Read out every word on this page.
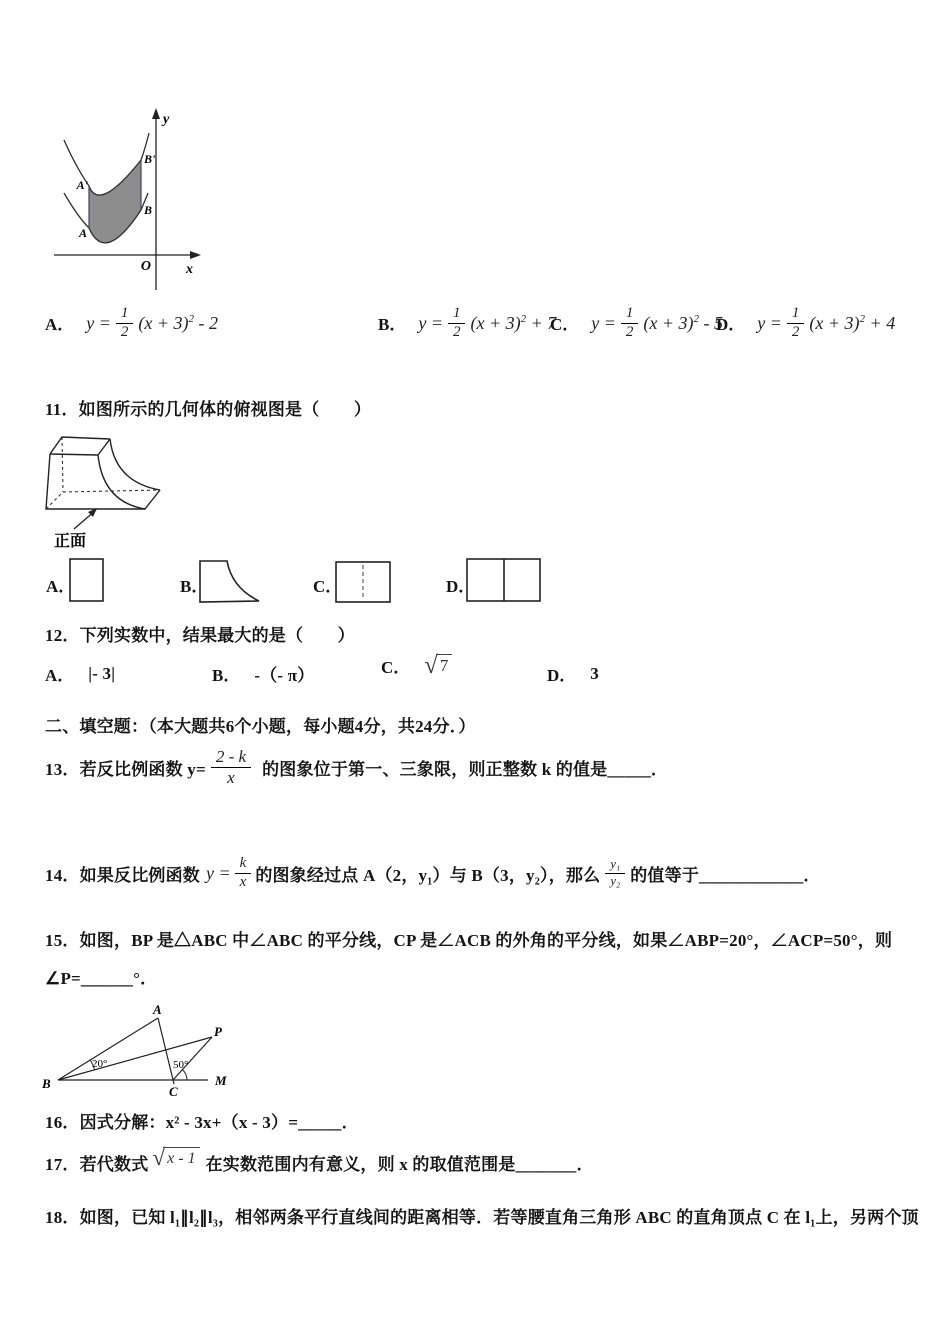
y
x
O
A'
B'
A
B
A． $y = \frac{1}{2} (x + 3)^2 - 2$	B． $y = \frac{1}{2} (x + 3)^2 + 7$
C． $y = \frac{1}{2} (x + 3)^2 - 5$
D． $y = \frac{1}{2} (x + 3)^2 + 4$
11．如图所示的几何体的俯视图是（　　）
正面
A．	B．	C．	D．
12．下列实数中，结果最大的是（　　）
A． |- 3|	B． -（- π）	C． √ 7
D． 3
二、填空题：（本大题共6个小题，每小题4分，共24分．）
13．若反比例函数 $y= \frac{2 - k}{x}$ 的图象位于第一、三象限，则正整数 k 的值是_____．
14．如果反比例函数 $y = \frac{k}{x}$ 的图象经过点 A（2，y₁）与 B（3，y₂），那么 $\frac{\text{y₁}}{\text{y₂}}$ 的值等于____________．
15．如图，BP 是△ABC 中∠ABC 的平分线，CP 是∠ACB 的外角的平分线，如果∠ABP=20°，∠ACP=50°，则
∠P=______°．
A
P
B
C
M
20°	50°
16．因式分解：x² - 3x+（x - 3）=_____．
17．若代数式 √ x - 1 在实数范围内有意义，则 x 的取值范围是_______．
18．如图，已知 l₁∥l₂∥l₃，相邻两条平行直线间的距离相等．若等腰直角三角形 ABC 的直角顶点 C 在 l₁上，另两个顶
